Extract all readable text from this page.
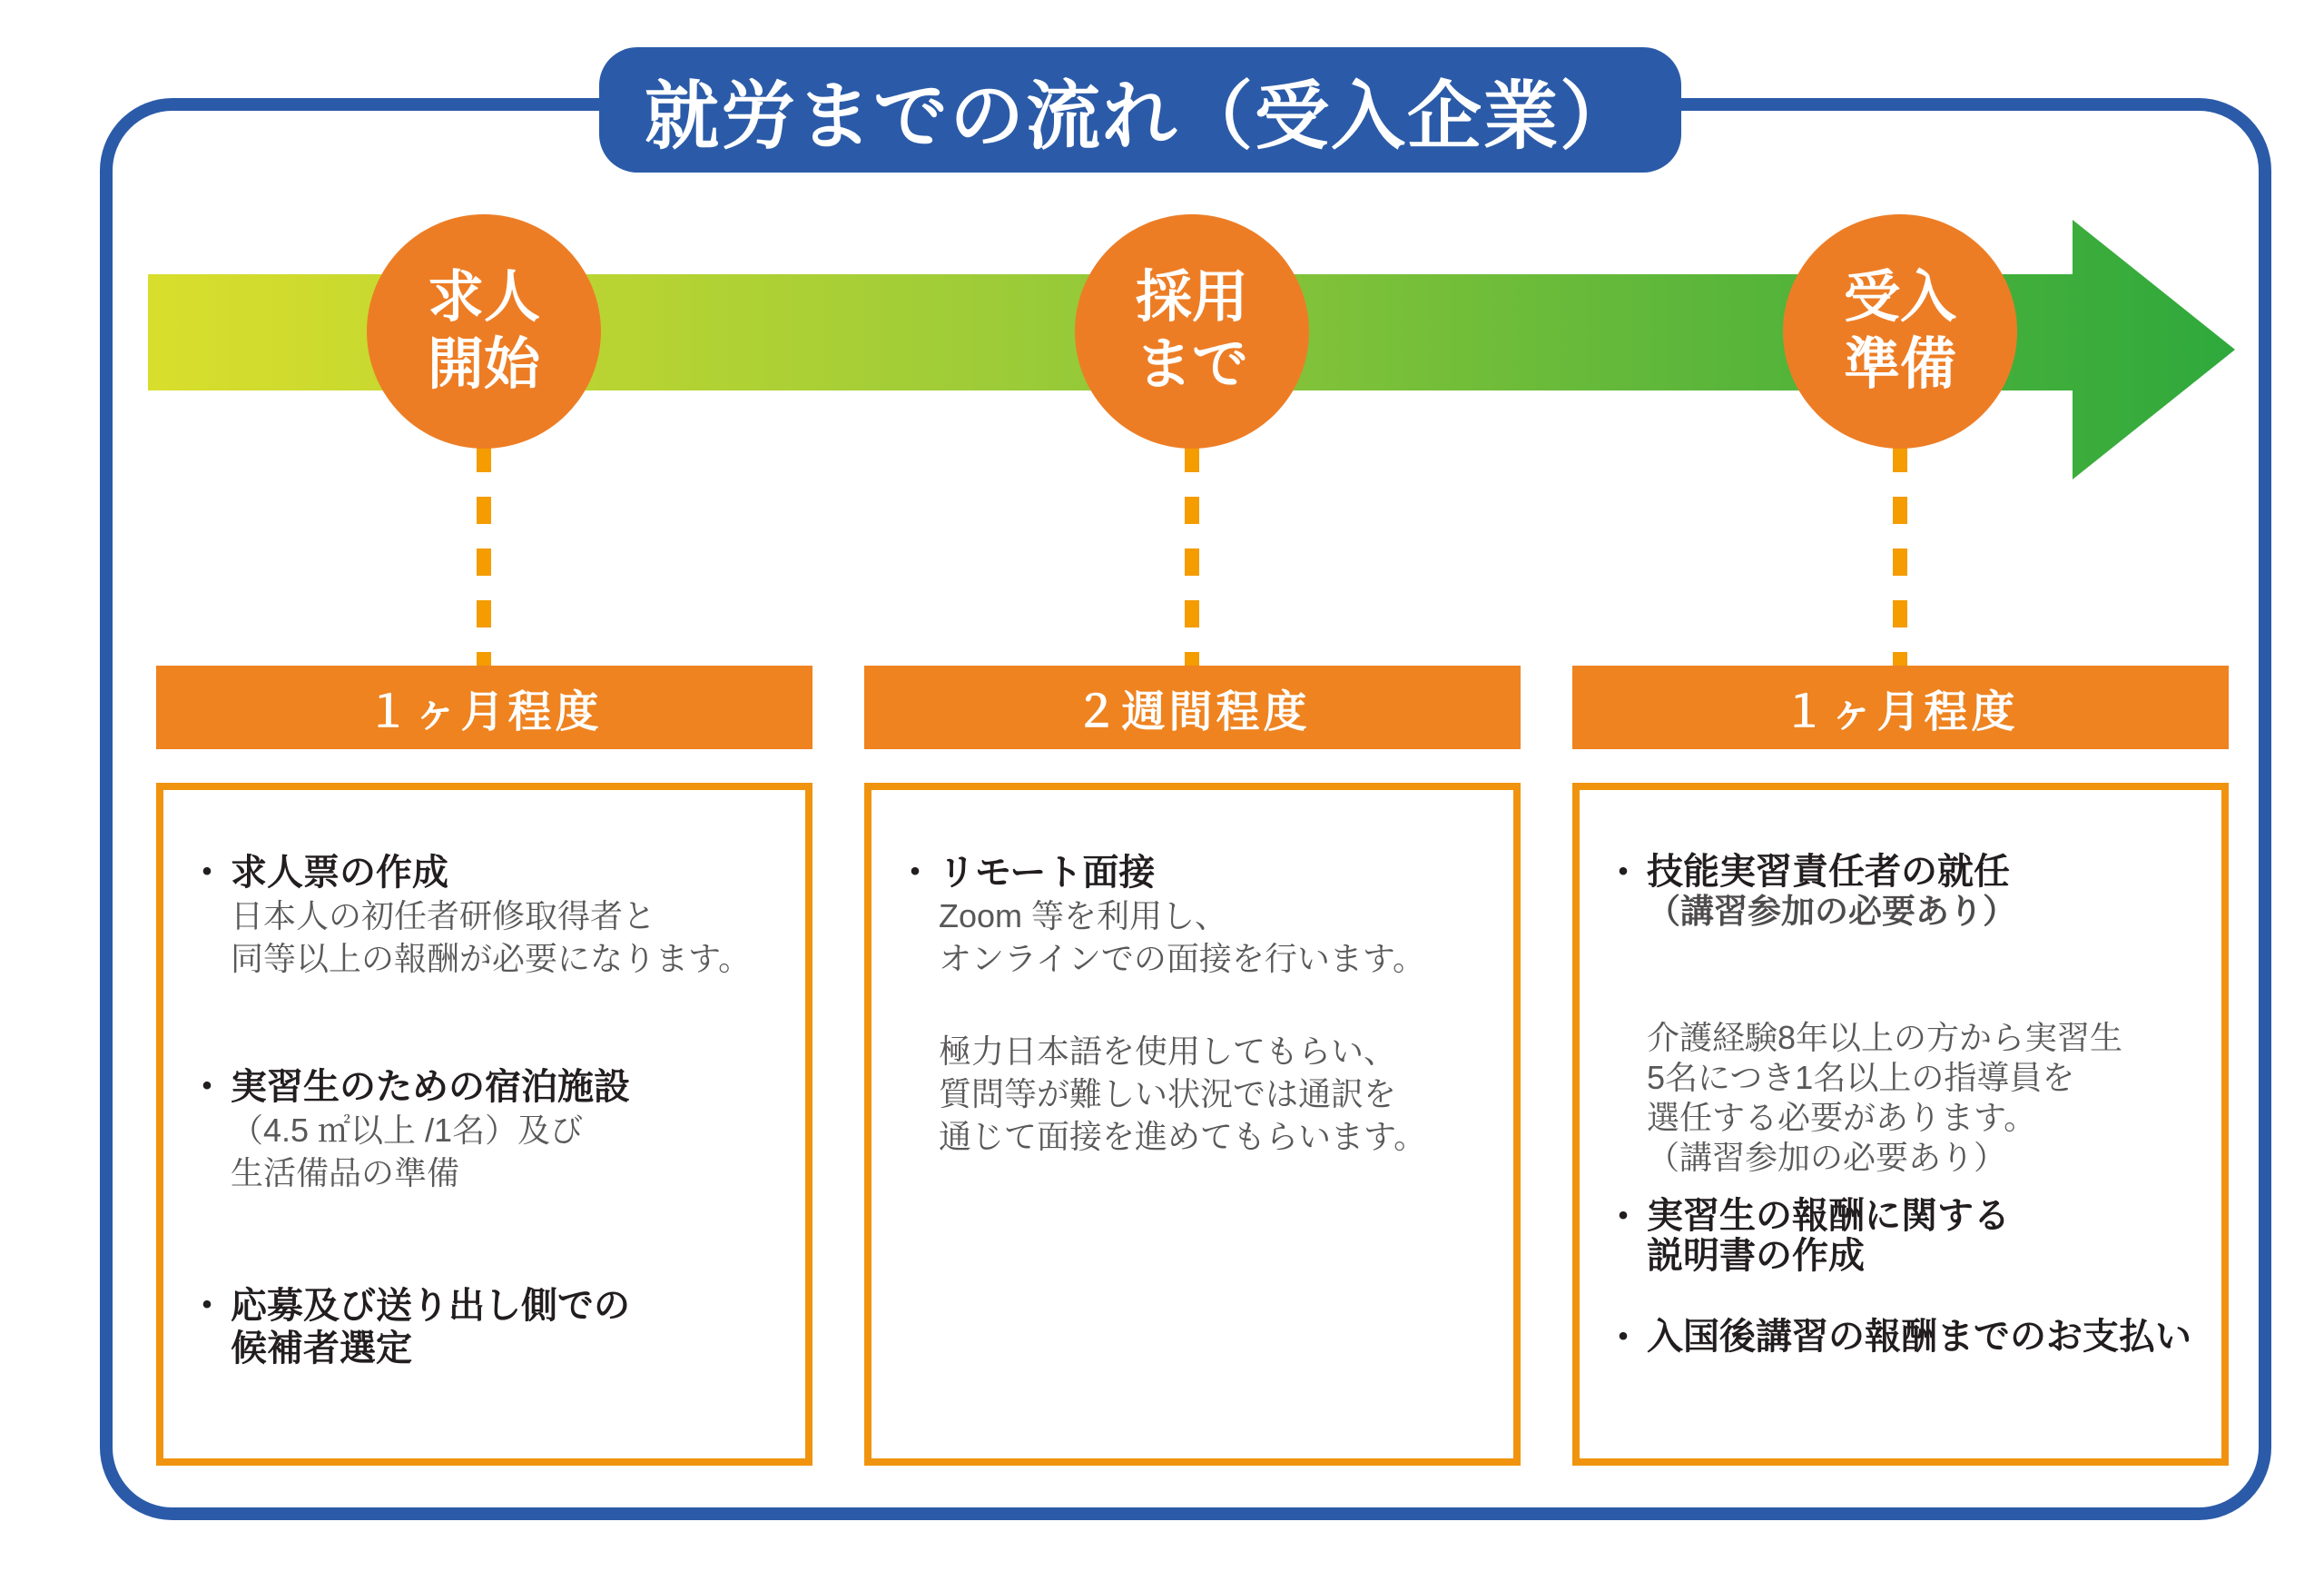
就労までの流れ（受入企業）
求人
開始
採用
まで
受入
準備
１ヶ月程度	２週間程度	１ヶ月程度
・ 求人票の作成
日本人の初任者研修取得者と
同等以上の報酬が必要になります。
・ 実習生のための宿泊施設
（4.5 ㎡以上 /1名）及び
生活備品の準備
・ 応募及び送り出し側での
候補者選定
・ リモート面接
Zoom 等を利用し、
オンラインでの面接を行います。
極力日本語を使用してもらい、
質問等が難しい状況では通訳を
通じて面接を進めてもらいます。
・ 技能実習責任者の就任
（講習参加の必要あり）
介護経験8年以上の方から実習生
5名につき1名以上の指導員を
選任する必要があります。
（講習参加の必要あり）
・ 実習生の報酬に関する
説明書の作成
・ 入国後講習の報酬までのお支払い
